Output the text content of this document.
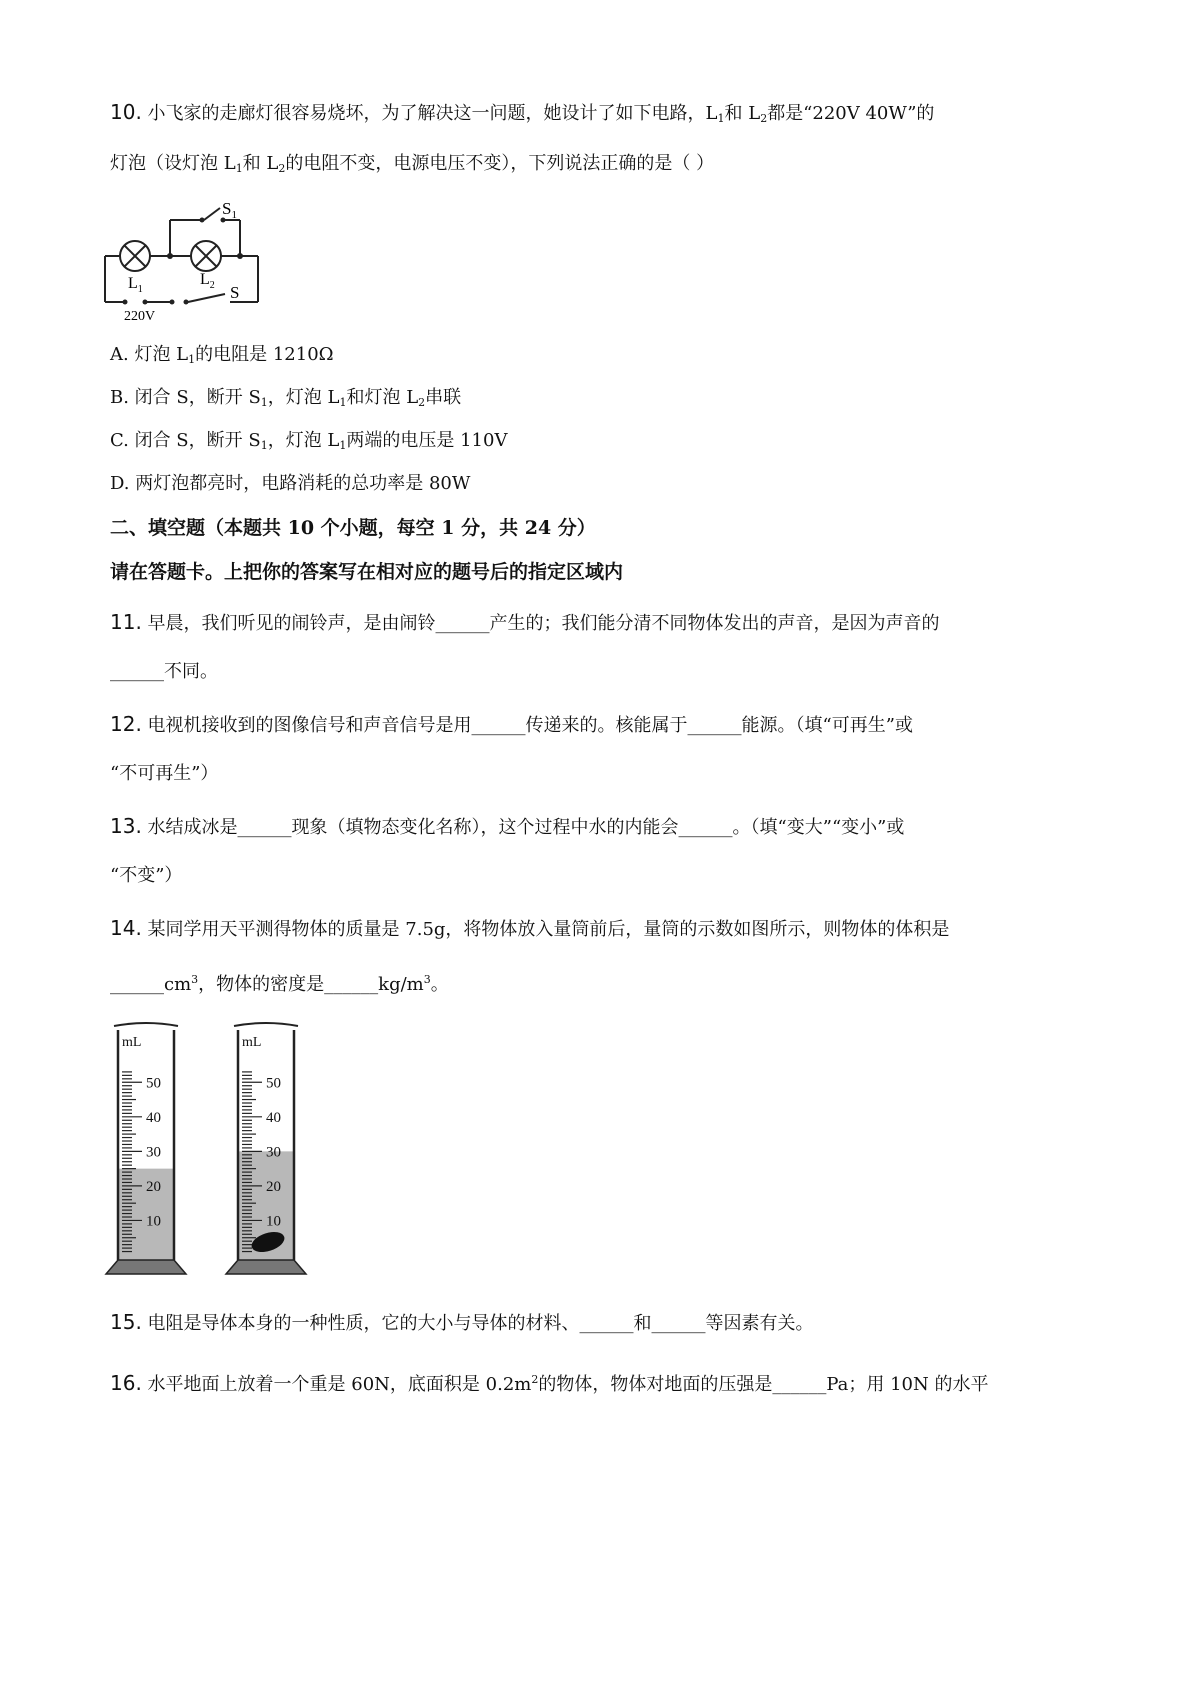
10. 小飞家的走廊灯很容易烧坏，为了解决这一问题，她设计了如下电路，$L_1$和 $L_2$都是“220V 40W”的
灯泡（设灯泡 $L_1$和 $L_2$的电阻不变，电源电压不变），下列说法正确的是（ ）
$S_1$
$L_1$
$L_2$ S
220V
A. 灯泡 $L_1$的电阻是 1210Ω
B. 闭合 S，断开 $S_1$，灯泡 $L_1$和灯泡 $L_2$串联
C. 闭合 S，断开 $S_1$，灯泡 $L_1$两端的电压是 110V
D. 两灯泡都亮时，电路消耗的总功率是 80W
二、填空题（本题共 10 个小题，每空 1 分，共 24 分）
请在答题卡。上把你的答案写在相对应的题号后的指定区域内
11. 早晨，我们听见的闹铃声，是由闹铃______产生的；我们能分清不同物体发出的声音，是因为声音的
______不同。
12. 电视机接收到的图像信号和声音信号是用______传递来的。核能属于______能源。（填“可再生”或
“不可再生”）
13. 水结成冰是______现象（填物态变化名称），这个过程中水的内能会______。（填“变大”“变小”或
“不变”）
14. 某同学用天平测得物体的质量是 7.5g，将物体放入量筒前后，量筒的示数如图所示，则物体的体积是
$\_\_\_\_\_\_cm^3$，物体的密度是$\_\_\_\_\_\_kg/m^3$。
mL
50
40
30
20
10
mL
50
40
30
20
10
15. 电阻是导体本身的一种性质，它的大小与导体的材料、______和______等因素有关。
16. 水平地面上放着一个重是 60N，底面积是 $0.2m^2$的物体，物体对地面的压强是______Pa；用 10N 的水平
